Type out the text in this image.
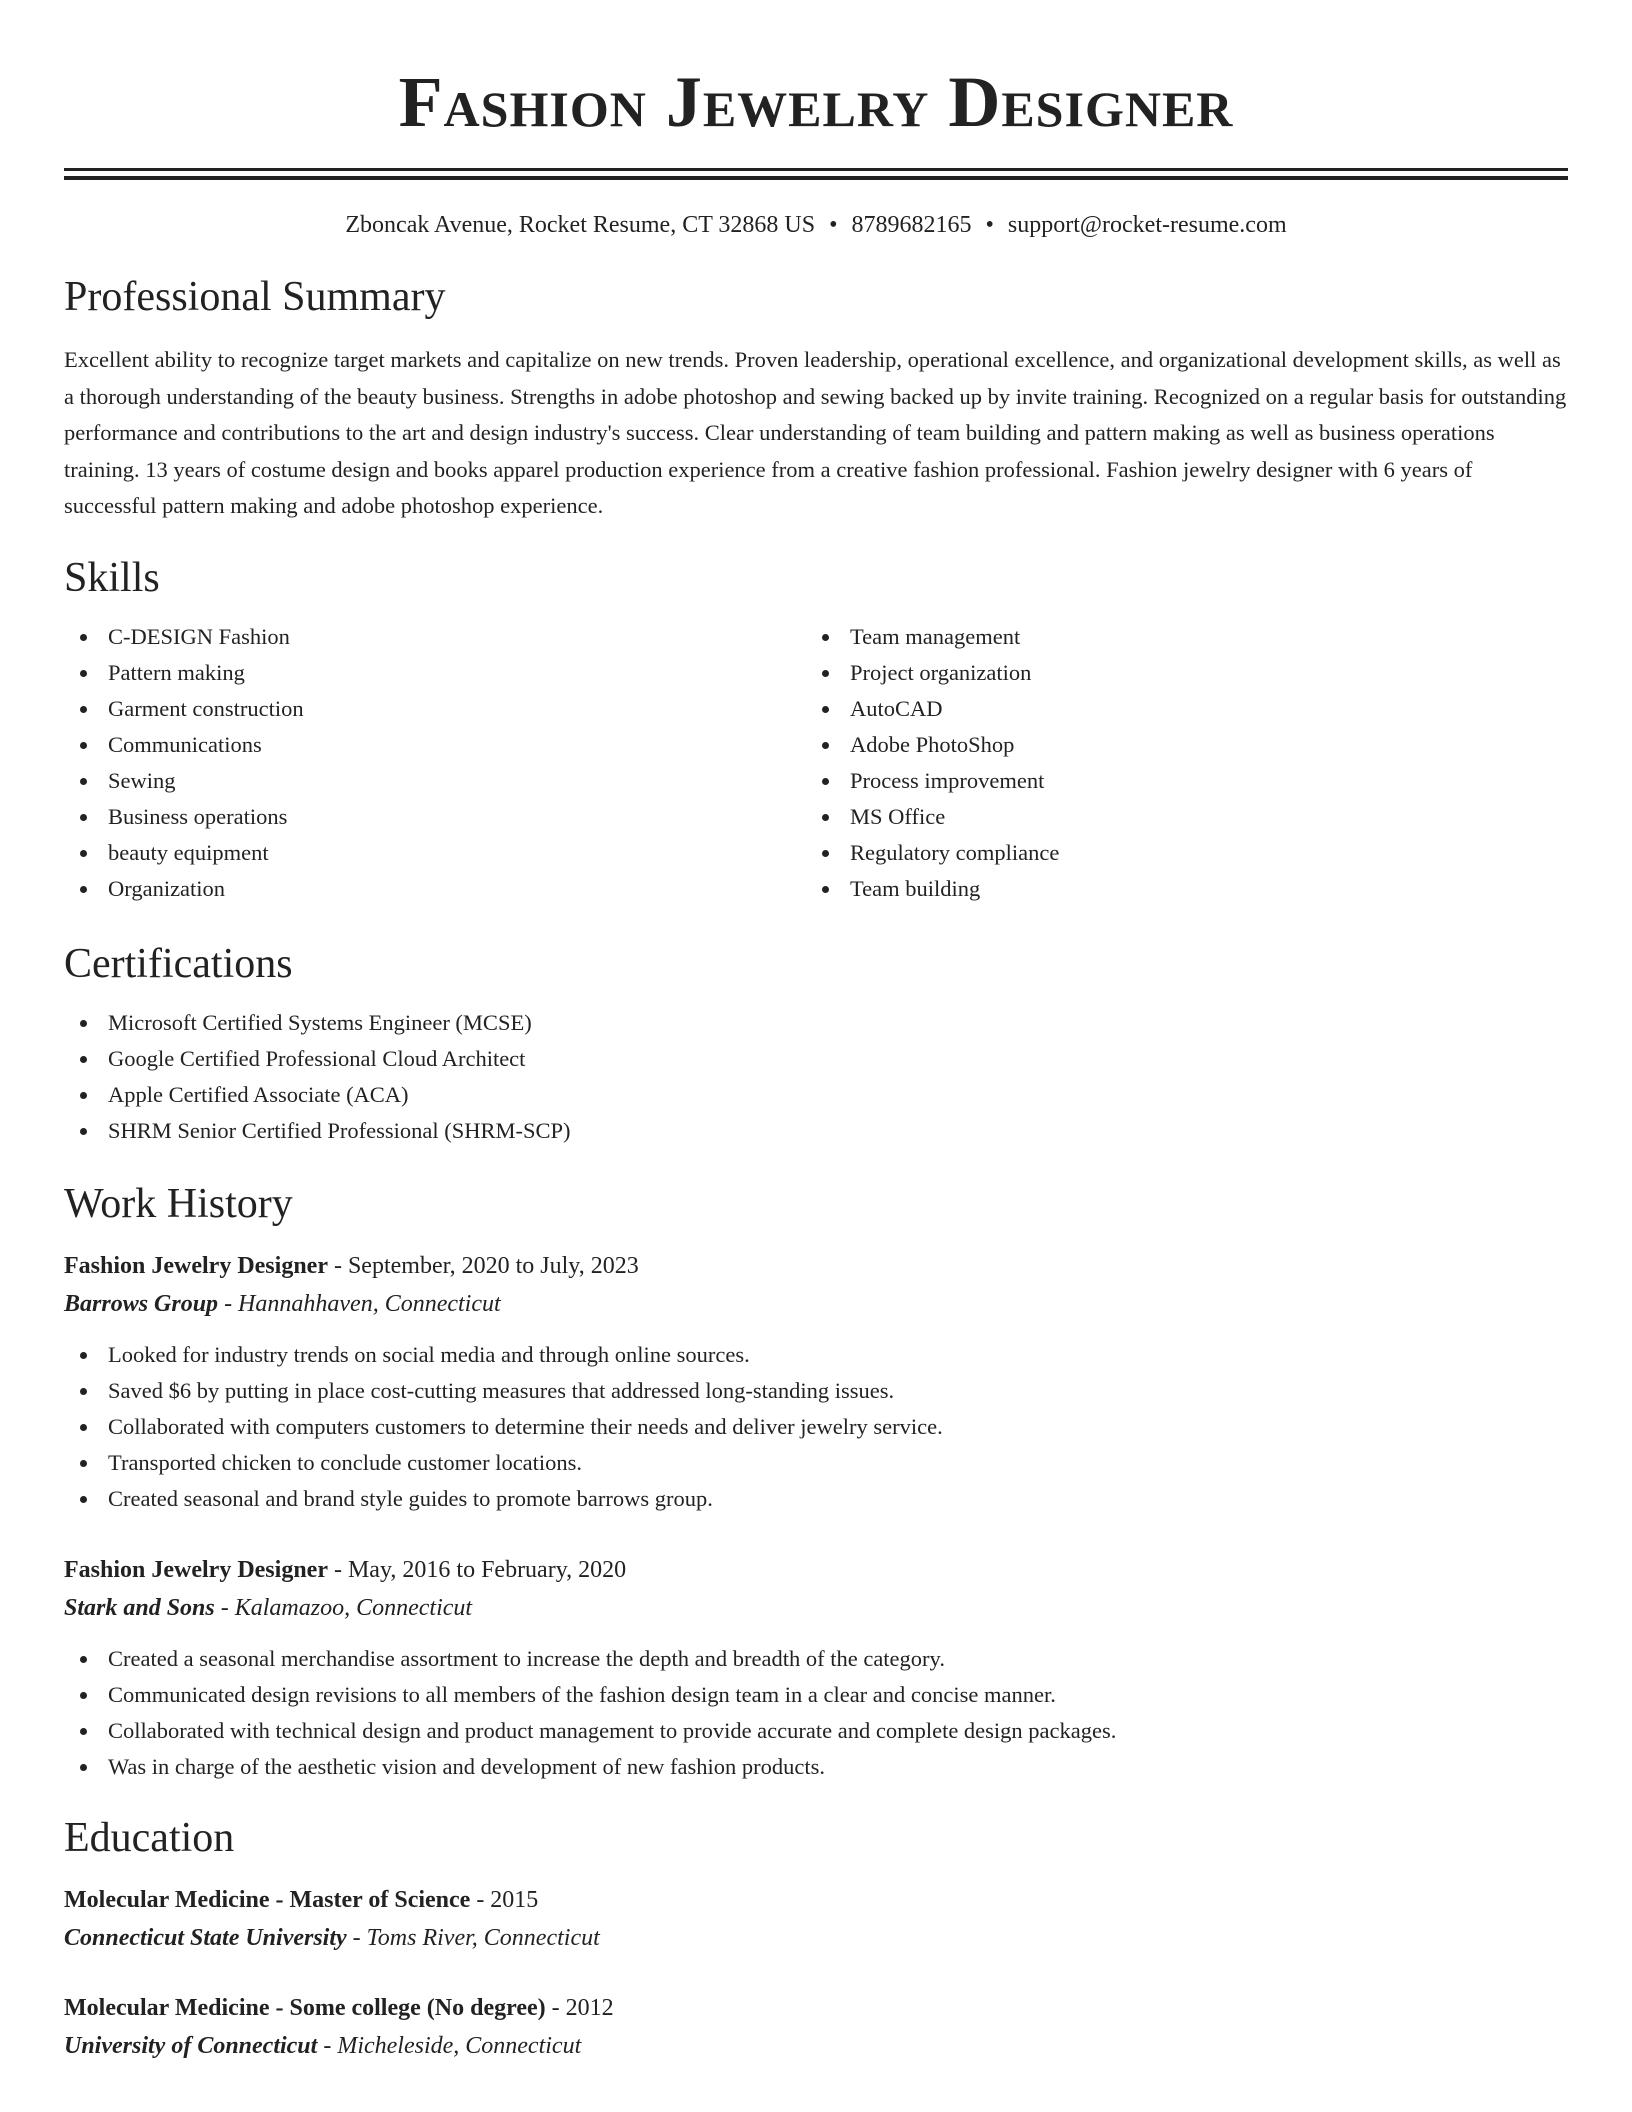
Fashion Jewelry Designer
Zboncak Avenue, Rocket Resume, CT 32868 US • 8789682165 • support@rocket-resume.com
Professional Summary

Excellent ability to recognize target markets and capitalize on new trends. Proven leadership, operational excellence, and organizational development skills, as well as a thorough understanding of the beauty business. Strengths in adobe photoshop and sewing backed up by invite training. Recognized on a regular basis for outstanding performance and contributions to the art and design industry's success. Clear understanding of team building and pattern making as well as business operations training. 13 years of costume design and books apparel production experience from a creative fashion professional. Fashion jewelry designer with 6 years of successful pattern making and adobe photoshop experience.

Skills
C-DESIGN Fashion
Pattern making
Garment construction
Communications
Sewing
Business operations
beauty equipment
Organization
Team management
Project organization
AutoCAD
Adobe PhotoShop
Process improvement
MS Office
Regulatory compliance
Team building
Certifications
Microsoft Certified Systems Engineer (MCSE)
Google Certified Professional Cloud Architect
Apple Certified Associate (ACA)
SHRM Senior Certified Professional (SHRM-SCP)
Work History
Fashion Jewelry Designer - September, 2020 to July, 2023
Barrows Group - Hannahhaven, Connecticut
Looked for industry trends on social media and through online sources.
Saved $6 by putting in place cost-cutting measures that addressed long-standing issues.
Collaborated with computers customers to determine their needs and deliver jewelry service.
Transported chicken to conclude customer locations.
Created seasonal and brand style guides to promote barrows group.
Fashion Jewelry Designer - May, 2016 to February, 2020
Stark and Sons - Kalamazoo, Connecticut
Created a seasonal merchandise assortment to increase the depth and breadth of the category.
Communicated design revisions to all members of the fashion design team in a clear and concise manner.
Collaborated with technical design and product management to provide accurate and complete design packages.
Was in charge of the aesthetic vision and development of new fashion products.
Education
Molecular Medicine - Master of Science - 2015
Connecticut State University - Toms River, Connecticut
Molecular Medicine - Some college (No degree) - 2012
University of Connecticut - Micheleside, Connecticut
